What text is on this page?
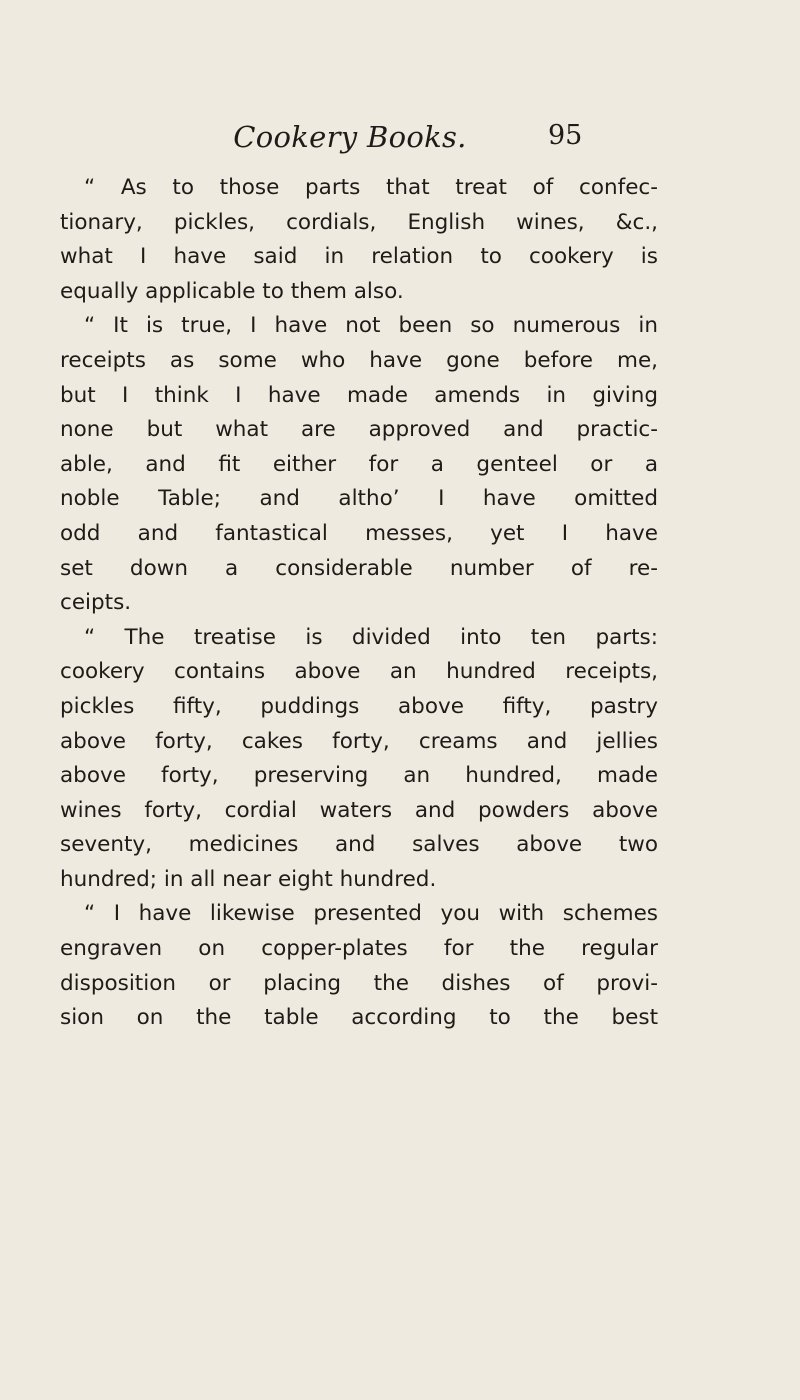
Cookery Books.	95
“ As to those parts that treat of confec-
tionary, pickles, cordials, English wines, &c.,
what I have said in relation to cookery is
equally applicable to them also.
“ It is true, I have not been so numerous in
receipts as some who have gone before me,
but I think I have made amends in giving
none but what are approved and practic-
able, and fit either for a genteel or a
noble Table; and altho’ I have omitted
odd and fantastical messes, yet I have
set down a considerable number of re-
ceipts.
“ The treatise is divided into ten parts:
cookery contains above an hundred receipts,
pickles fifty, puddings above fifty, pastry
above forty, cakes forty, creams and jellies
above forty, preserving an hundred, made
wines forty, cordial waters and powders above
seventy, medicines and salves above two
hundred; in all near eight hundred.
“ I have likewise presented you with schemes
engraven on copper-plates for the regular
disposition or placing the dishes of provi-
sion on the table according to the best
